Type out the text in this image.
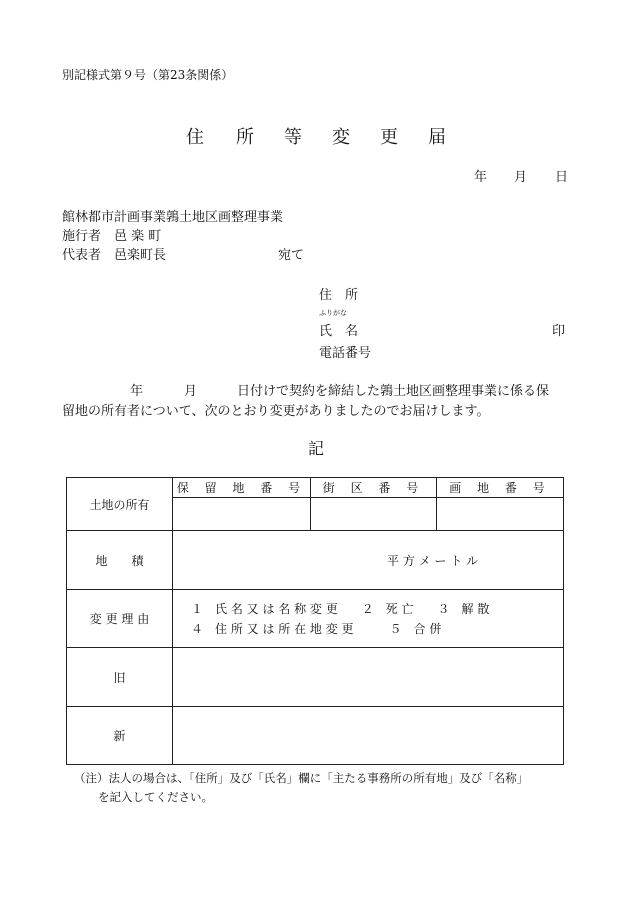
別記様式第９号（第23条関係）
住 所 等 変 更 届
年 月 日
館林都市計画事業鶉土地区画整理事業
施行者　邑 楽 町
代表者　邑楽町長	宛て
住　所
ふりがな
氏　名	印
電話番号
年	月	日付けで契約を締結した鶉土地区画整理事業に係る保
留地の所有者について、次のとおり変更がありましたのでお届けします。
記
土地の所有	保 留 地 番 号	街 区 番 号	画 地 番 号

地　　積	平 方 メ ー ト ル		
変 更 理 由	１　氏 名 又 は 名 称 変 更　　２　死 亡　　３　解 散
４　住 所 又 は 所 在 地 変 更　　　５　合 併		

旧			
新			
（注）法人の場合は、「住所」及び「氏名」欄に「主たる事務所の所有地」及び「名称」
を記入してください。
